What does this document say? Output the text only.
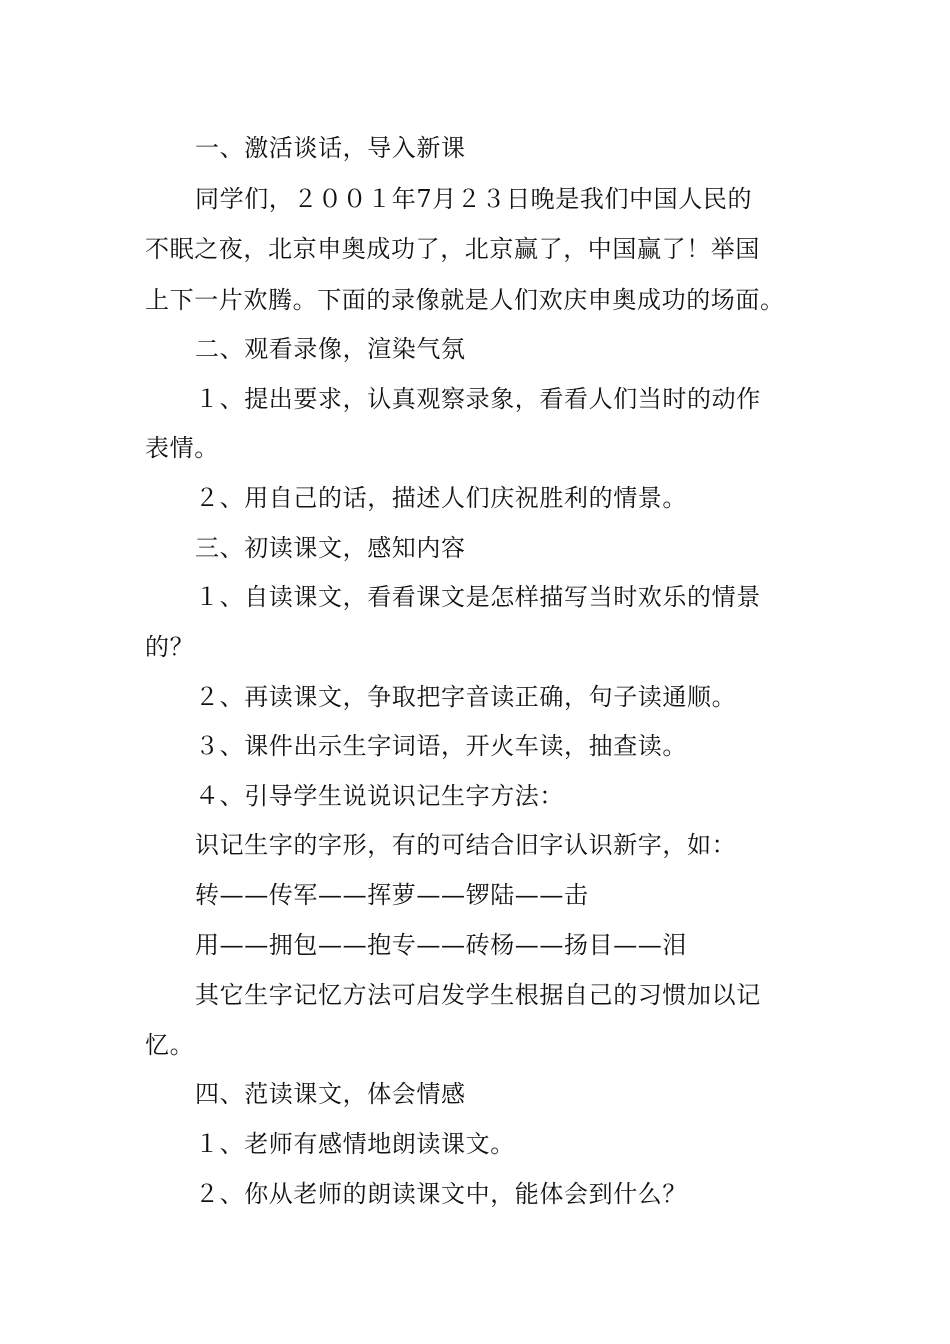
一、激活谈话，导入新课
同学们，２００１年7月２３日晚是我们中国人民的
不眠之夜，北京申奥成功了，北京赢了，中国赢了！举国
上下一片欢腾。下面的录像就是人们欢庆申奥成功的场面。
二、观看录像，渲染气氛
１、提出要求，认真观察录象，看看人们当时的动作
表情。
２、用自己的话，描述人们庆祝胜利的情景。
三、初读课文，感知内容
１、自读课文，看看课文是怎样描写当时欢乐的情景
的？
２、再读课文，争取把字音读正确，句子读通顺。
３、课件出示生字词语，开火车读，抽查读。
４、引导学生说说识记生字方法：
识记生字的字形，有的可结合旧字认识新字，如：
转——传军——挥萝——锣陆——击
用——拥包——抱专——砖杨——扬目——泪
其它生字记忆方法可启发学生根据自己的习惯加以记
忆。
四、范读课文，体会情感
１、老师有感情地朗读课文。
２、你从老师的朗读课文中，能体会到什么？
